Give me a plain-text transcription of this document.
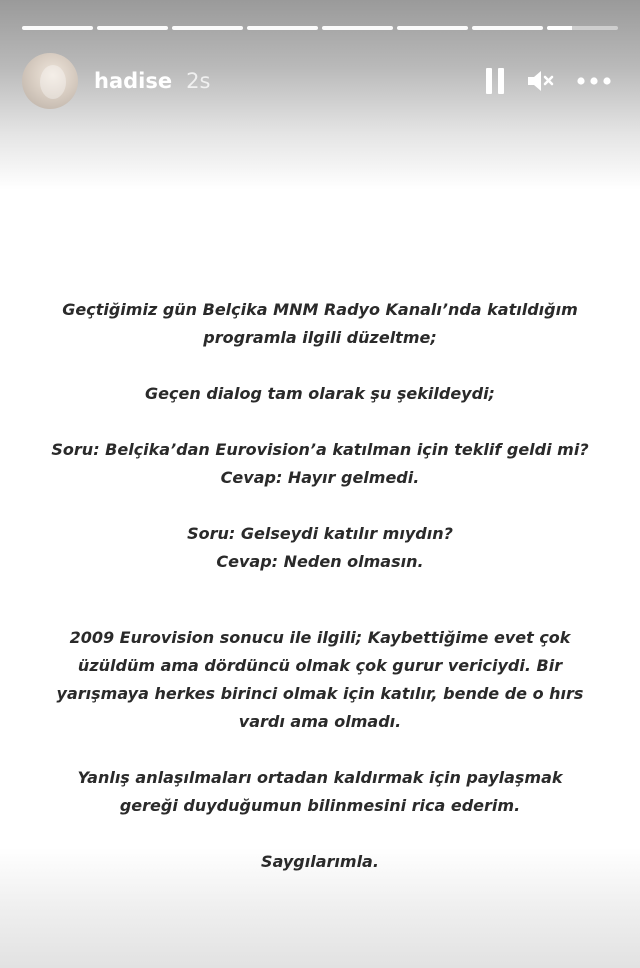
hadise 2s

Geçtiğimiz gün Belçika MNM Radyo Kanalı’nda katıldığım

programla ilgili düzeltme;

Geçen dialog tam olarak şu şekildeydi;

Soru: Belçika’dan Eurovision’a katılman için teklif geldi mi?

Cevap: Hayır gelmedi.

Soru: Gelseydi katılır mıydın?

Cevap: Neden olmasın.

2009 Eurovision sonucu ile ilgili; Kaybettiğime evet çok

üzüldüm ama dördüncü olmak çok gurur vericiydi. Bir

yarışmaya herkes birinci olmak için katılır, bende de o hırs

vardı ama olmadı.

Yanlış anlaşılmaları ortadan kaldırmak için paylaşmak

gereği duyduğumun bilinmesini rica ederim.

Saygılarımla.
